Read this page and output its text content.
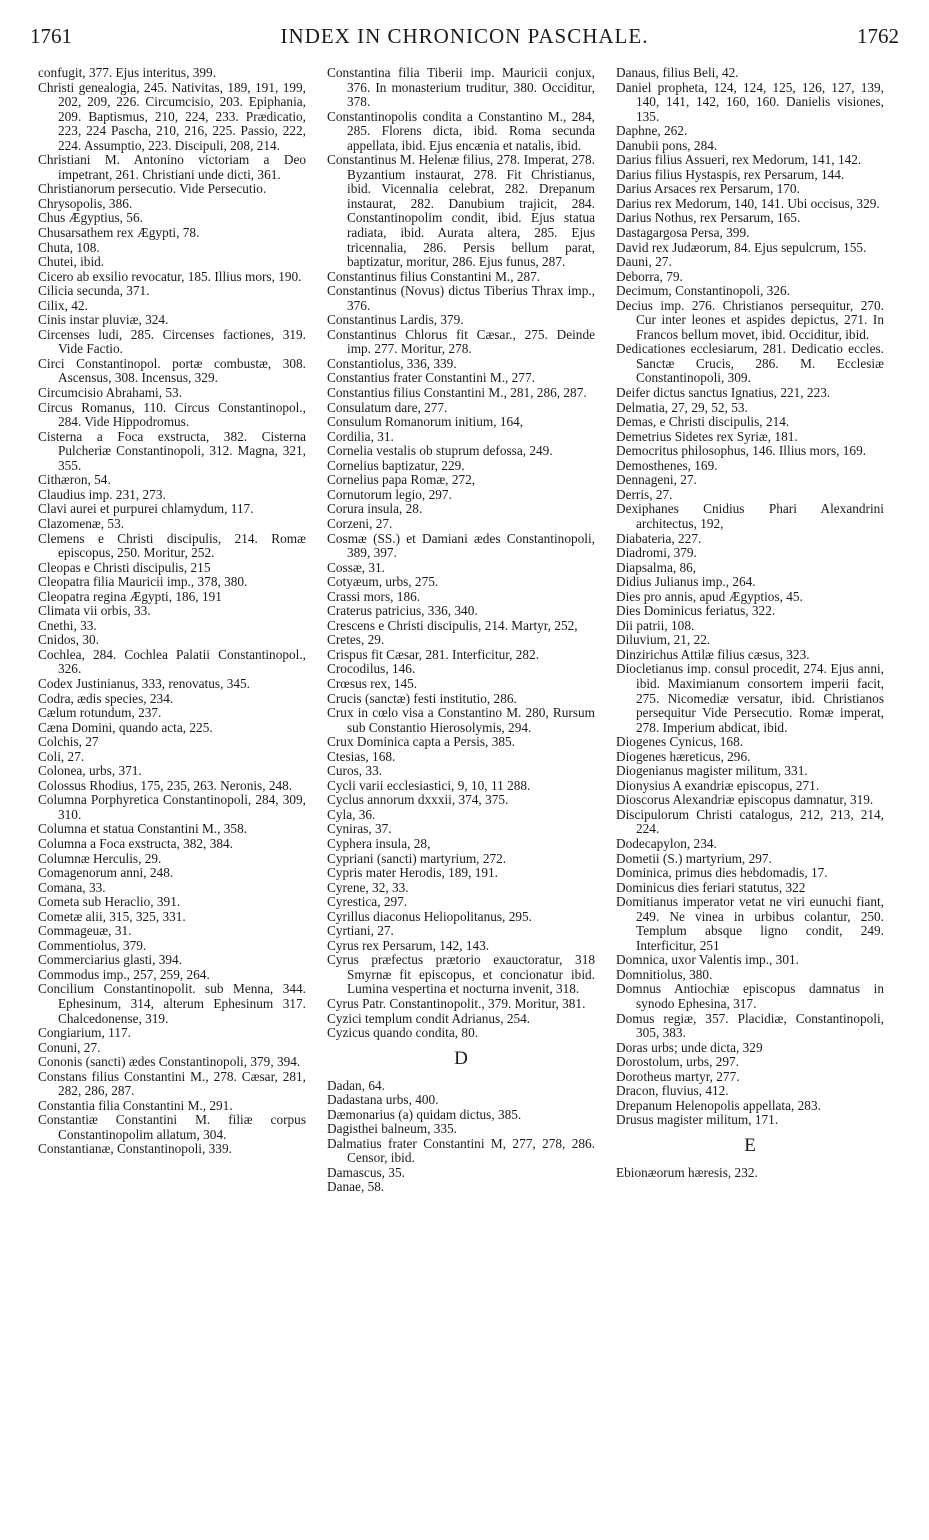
1761	INDEX IN CHRONICON PASCHALE.	1762
confugit, 377. Ejus interitus, 399.
Christi genealogia, 245. Nativitas, 189, 191, 199, 202, 209, 226. Circumcisio, 203. Epiphania, 209. Baptismus, 210, 224, 233. Prædicatio, 223, 224 Pascha, 210, 216, 225. Passio, 222, 224. Assumptio, 223. Discipuli, 208, 214.
Christiani M. Antonino victoriam a Deo impetrant, 261. Christiani unde dicti, 361.
Christianorum persecutio. Vide Persecutio.
Chrysopolis, 386.
Chus Ægyptius, 56.
Chusarsathem rex Ægypti, 78.
Chuta, 108.
Chutei, ibid.
Cicero ab exsilio revocatur, 185. Illius mors, 190.
Cilicia secunda, 371.
Cilix, 42.
Cinis instar pluviæ, 324.
Circenses ludi, 285. Circenses factiones, 319. Vide Factio.
Circi Constantinopol. portæ combustæ, 308. Ascensus, 308. Incensus, 329.
Circumcisio Abrahami, 53.
Circus Romanus, 110. Circus Constantinopol., 284. Vide Hippodromus.
Cisterna a Foca exstructa, 382. Cisterna Pulcheriæ Constantinopoli, 312. Magna, 321, 355.
Cithæron, 54.
Claudius imp. 231, 273.
Clavi aurei et purpurei chlamydum, 117.
Clazomenæ, 53.
Clemens e Christi discipulis, 214. Romæ episcopus, 250. Moritur, 252.
Cleopas e Christi discipulis, 215
Cleopatra filia Mauricii imp., 378, 380.
Cleopatra regina Ægypti, 186, 191
Climata vii orbis, 33.
Cnethi, 33.
Cnidos, 30.
Cochlea, 284. Cochlea Palatii Constantinopol., 326.
Codex Justinianus, 333, renovatus, 345.
Codra, ædis species, 234.
Cælum rotundum, 237.
Cæna Domini, quando acta, 225.
Colchis, 27
Coli, 27.
Colonea, urbs, 371.
Colossus Rhodius, 175, 235, 263. Neronis, 248.
Columna Porphyretica Constantinopoli, 284, 309, 310.
Columna et statua Constantini M., 358.
Columna a Foca exstructa, 382, 384.
Columnæ Herculis, 29.
Comagenorum anni, 248.
Comana, 33.
Cometa sub Heraclio, 391.
Cometæ alii, 315, 325, 331.
Commageuæ, 31.
Commentiolus, 379.
Commerciarius glasti, 394.
Commodus imp., 257, 259, 264.
Concilium Constantinopolit. sub Menna, 344. Ephesinum, 314, alterum Ephesinum 317. Chalcedonense, 319.
Congiarium, 117.
Conuni, 27.
Cononis (sancti) ædes Constantinopoli, 379, 394.
Constans filius Constantini M., 278. Cæsar, 281, 282, 286, 287.
Constantia filia Constantini M., 291.
Constantiæ Constantini M. filiæ corpus Constantinopolim allatum, 304.
Constantianæ, Constantinopoli, 339.
Constantina filia Tiberii imp. Mauricii conjux, 376. In monasterium truditur, 380. Occiditur, 378.
Constantinopolis condita a Constantino M., 284, 285. Florens dicta, ibid. Roma secunda appellata, ibid. Ejus encænia et natalis, ibid.
Constantinus M. Helenæ filius, 278. Imperat, 278. Byzantium instaurat, 278. Fit Christianus, ibid. Vicennalia celebrat, 282. Drepanum instaurat, 282. Danubium trajicit, 284. Constantinopolim condit, ibid. Ejus statua radiata, ibid. Aurata altera, 285. Ejus tricennalia, 286. Persis bellum parat, baptizatur, moritur, 286. Ejus funus, 287.
Constantinus filius Constantini M., 287.
Constantinus (Novus) dictus Tiberius Thrax imp., 376.
Constantinus Lardis, 379.
Constantinus Chlorus fit Cæsar., 275. Deinde imp. 277. Moritur, 278.
Constantiolus, 336, 339.
Constantius frater Constantini M., 277.
Constantius filius Constantini M., 281, 286, 287.
Consulatum dare, 277.
Consulum Romanorum initium, 164,
Cordilia, 31.
Cornelia vestalis ob stuprum defossa, 249.
Cornelius baptizatur, 229.
Cornelius papa Romæ, 272,
Cornutorum legio, 297.
Corura insula, 28.
Corzeni, 27.
Cosmæ (SS.) et Damiani ædes Constantinopoli, 389, 397.
Cossæ, 31.
Cotyæum, urbs, 275.
Crassi mors, 186.
Craterus patricius, 336, 340.
Crescens e Christi discipulis, 214. Martyr, 252,
Cretes, 29.
Crispus fit Cæsar, 281. Interficitur, 282.
Crocodilus, 146.
Crœsus rex, 145.
Crucis (sanctæ) festi institutio, 286.
Crux in cœlo visa a Constantino M. 280, Rursum sub Constantio Hierosolymis, 294.
Crux Dominica capta a Persis, 385.
Ctesias, 168.
Curos, 33.
Cycli varii ecclesiastici, 9, 10, 11 288.
Cyclus annorum dxxxii, 374, 375.
Cyla, 36.
Cyniras, 37.
Cyphera insula, 28,
Cypriani (sancti) martyrium, 272.
Cypris mater Herodis, 189, 191.
Cyrene, 32, 33.
Cyrestica, 297.
Cyrillus diaconus Heliopolitanus, 295.
Cyrtiani, 27.
Cyrus rex Persarum, 142, 143.
Cyrus præfectus prætorio exauctoratur, 318 Smyrnæ fit episcopus, et concionatur ibid. Lumina vespertina et nocturna invenit, 318.
Cyrus Patr. Constantinopolit., 379. Moritur, 381.
Cyzici templum condit Adrianus, 254.
Cyzicus quando condita, 80.
D
Dadan, 64.
Dadastana urbs, 400.
Dæmonarius (a) quidam dictus, 385.
Dagisthei balneum, 335.
Dalmatius frater Constantini M, 277, 278, 286. Censor, ibid.
Damascus, 35.
Danae, 58.
Danaus, filius Beli, 42.
Daniel propheta, 124, 124, 125, 126, 127, 139, 140, 141, 142, 160, 160. Danielis visiones, 135.
Daphne, 262.
Danubii pons, 284.
Darius filius Assueri, rex Medorum, 141, 142.
Darius filius Hystaspis, rex Persarum, 144.
Darius Arsaces rex Persarum, 170.
Darius rex Medorum, 140, 141. Ubi occisus, 329.
Darius Nothus, rex Persarum, 165.
Dastagargosa Persa, 399.
David rex Judæorum, 84. Ejus sepulcrum, 155.
Dauni, 27.
Deborra, 79.
Decimum, Constantinopoli, 326.
Decius imp. 276. Christianos persequitur, 270. Cur inter leones et aspides depictus, 271. In Francos bellum movet, ibid. Occiditur, ibid.
Dedicationes ecclesiarum, 281. Dedicatio eccles. Sanctæ Crucis, 286. M. Ecclesiæ Constantinopoli, 309.
Deifer dictus sanctus Ignatius, 221, 223.
Delmatia, 27, 29, 52, 53.
Demas, e Christi discipulis, 214.
Demetrius Sidetes rex Syriæ, 181.
Democritus philosophus, 146. Illius mors, 169.
Demosthenes, 169.
Dennageni, 27.
Derris, 27.
Dexiphanes Cnidius Phari Alexandrini architectus, 192,
Diabateria, 227.
Diadromi, 379.
Diapsalma, 86,
Didius Julianus imp., 264.
Dies pro annis, apud Ægyptios, 45.
Dies Dominicus feriatus, 322.
Dii patrii, 108.
Diluvium, 21, 22.
Dinzirichus Attilæ filius cæsus, 323.
Diocletianus imp. consul procedit, 274. Ejus anni, ibid. Maximianum consortem imperii facit, 275. Nicomediæ versatur, ibid. Christianos persequitur Vide Persecutio. Romæ imperat, 278. Imperium abdicat, ibid.
Diogenes Cynicus, 168.
Diogenes hæreticus, 296.
Diogenianus magister militum, 331.
Dionysius A exandriæ episcopus, 271.
Dioscorus Alexandriæ episcopus damnatur, 319.
Discipulorum Christi catalogus, 212, 213, 214, 224.
Dodecapylon, 234.
Dometii (S.) martyrium, 297.
Dominica, primus dies hebdomadis, 17.
Dominicus dies feriari statutus, 322
Domitianus imperator vetat ne viri eunuchi fiant, 249. Ne vinea in urbibus colantur, 250. Templum absque ligno condit, 249. Interficitur, 251
Domnica, uxor Valentis imp., 301.
Domnitiolus, 380.
Domnus Antiochiæ episcopus damnatus in synodo Ephesina, 317.
Domus regiæ, 357. Placidiæ, Constantinopoli, 305, 383.
Doras urbs; unde dicta, 329
Dorostolum, urbs, 297.
Dorotheus martyr, 277.
Dracon, fluvius, 412.
Drepanum Helenopolis appellata, 283.
Drusus magister militum, 171.
E
Ebionæorum hæresis, 232.
